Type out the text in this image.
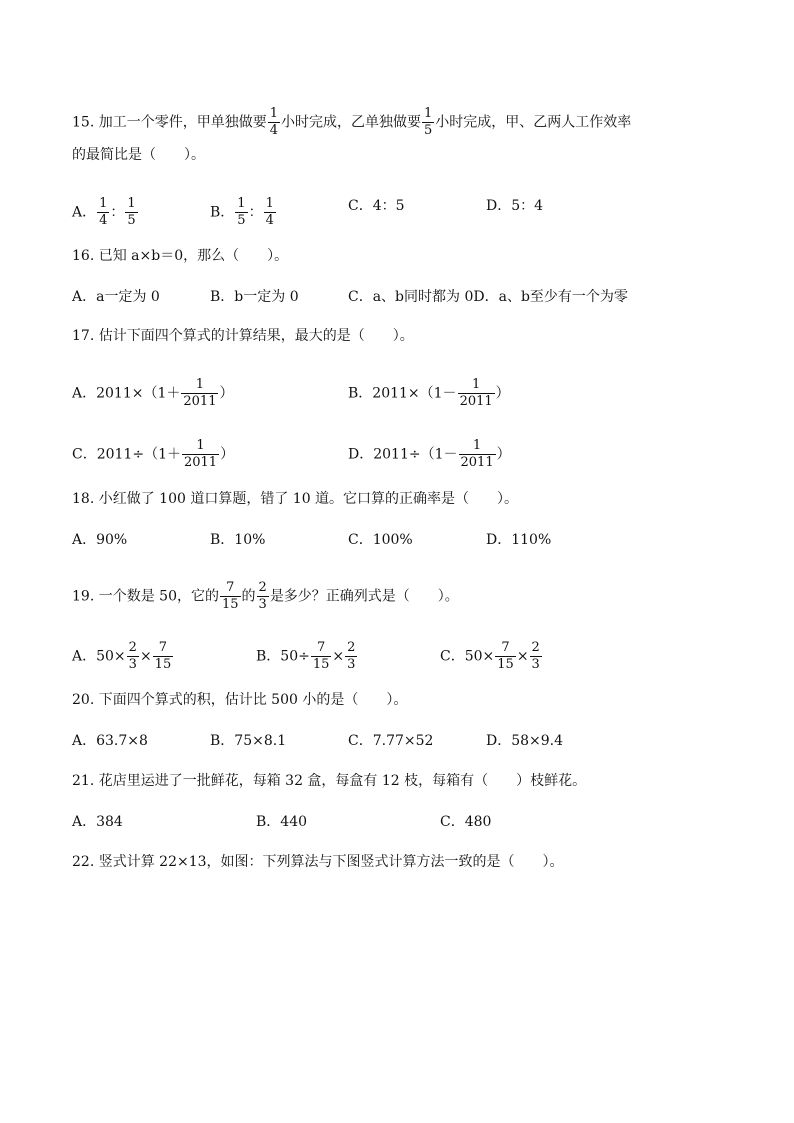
15. 加工一个零件，甲单独做要 $\frac{1}{4}$ 小时完成，乙单独做要 $\frac{1}{5}$ 小时完成，甲、乙两人工作效率
的最简比是（　　）。
A． $\frac{1}{4}$ ： $\frac{1}{5}$	B． $\frac{1}{5}$ ： $\frac{1}{4}$	C．4：5	D．5：4
16. 已知 a×b＝0，那么（　　）。
A．a一定为 0	B．b一定为 0	C．a、b同时都为 0D．a、b至少有一个为零
17. 估计下面四个算式的计算结果，最大的是（　　）。
A．$2011\times(1+ \frac{1}{2011}$ ）	B．$2011\times(1- \frac{1}{2011}$ ）
C．$2011\div(1+ \frac{1}{2011}$ ）	D．$2011\div(1- \frac{1}{2011}$ ）
18. 小红做了 100 道口算题，错了 10 道。它口算的正确率是（　　）。
A．90%	B．10%	C．100%	D．110%
19. 一个数是 50，它的 $\frac{7}{15}$ 的 $\frac{2}{3}$ 是多少？正确列式是（　　）。
A．$50\times \frac{2}{3} \times \frac{7}{15}$	B．$50\div \frac{7}{15} \times \frac{2}{3}$	C．$50\times \frac{7}{15} \times \frac{2}{3}$
20. 下面四个算式的积，估计比 500 小的是（　　）。
A．63.7×8	B．75×8.1	C．7.77×52	D．58×9.4
21. 花店里运进了一批鲜花，每箱 32 盒，每盒有 12 枝，每箱有（　　）枝鲜花。
A．384	B．440	C．480
22. 竖式计算 22×13，如图：下列算法与下图竖式计算方法一致的是（　　）。
